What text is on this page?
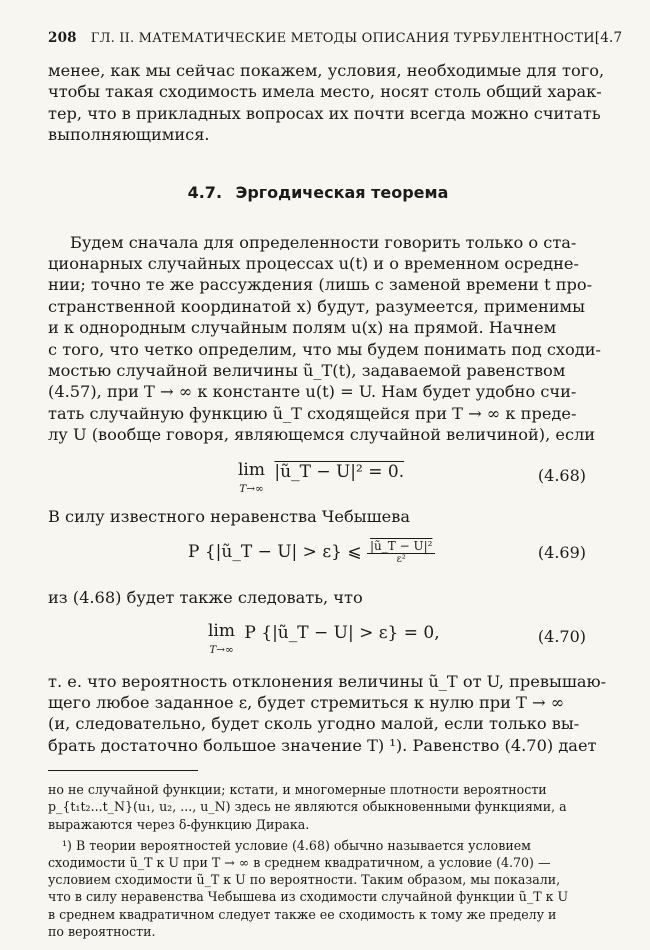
208 ГЛ. II. МАТЕМАТИЧЕСКИЕ МЕТОДЫ ОПИСАНИЯ ТУРБУЛЕНТНОСТИ [4.7

менее, как мы сейчас покажем, условия, необходимые для того,
чтобы такая сходимость имела место, носят столь общий харак-
тер, что в прикладных вопросах их почти всегда можно считать
выполняющимися.

4.7. Эргодическая теорема

Будем сначала для определенности говорить только о ста-
ционарных случайных процессах u(t) и о временном осредне-
нии; точно те же рассуждения (лишь с заменой времени t про-
странственной координатой x) будут, разумеется, применимы
и к однородным случайным полям u(x) на прямой. Начнем
с того, что четко определим, что мы будем понимать под сходи-
мостью случайной величины ũ_T(t), задаваемой равенством
(4.57), при T → ∞ к константе u(t) = U. Нам будет удобно счи-
тать случайную функцию ũ_T сходящейся при T → ∞ к преде-
лу U (вообще говоря, являющемся случайной величиной), если

lim
T→∞
|ũ_T − U|² = 0.	(4.68)

В силу известного неравенства Чебышева

P {|ũ_T − U| > ε} ⩽ $\frac{\text{|ũ\_T − U|²}}{\text{ε²}}$	(4.69)

из (4.68) будет также следовать, что

lim
T→∞
P {|ũ_T − U| > ε} = 0,	(4.70)

т. е. что вероятность отклонения величины ũ_T от U, превышаю-
щего любое заданное ε, будет стремиться к нулю при T → ∞
(и, следовательно, будет сколь угодно малой, если только вы-
брать достаточно большое значение T) ¹). Равенство (4.70) дает

но не случайной функции; кстати, и многомерные плотности вероятности
p_{t₁t₂...t_N}(u₁, u₂, ..., u_N) здесь не являются обыкновенными функциями, а
выражаются через δ-функцию Дирака.

¹) В теории вероятностей условие (4.68) обычно называется условием
сходимости ũ_T к U при T → ∞ в среднем квадратичном, а условие (4.70) —
условием сходимости ũ_T к U по вероятности. Таким образом, мы показали,
что в силу неравенства Чебышева из сходимости случайной функции ũ_T к U
в среднем квадратичном следует также ее сходимость к тому же пределу и
по вероятности.
